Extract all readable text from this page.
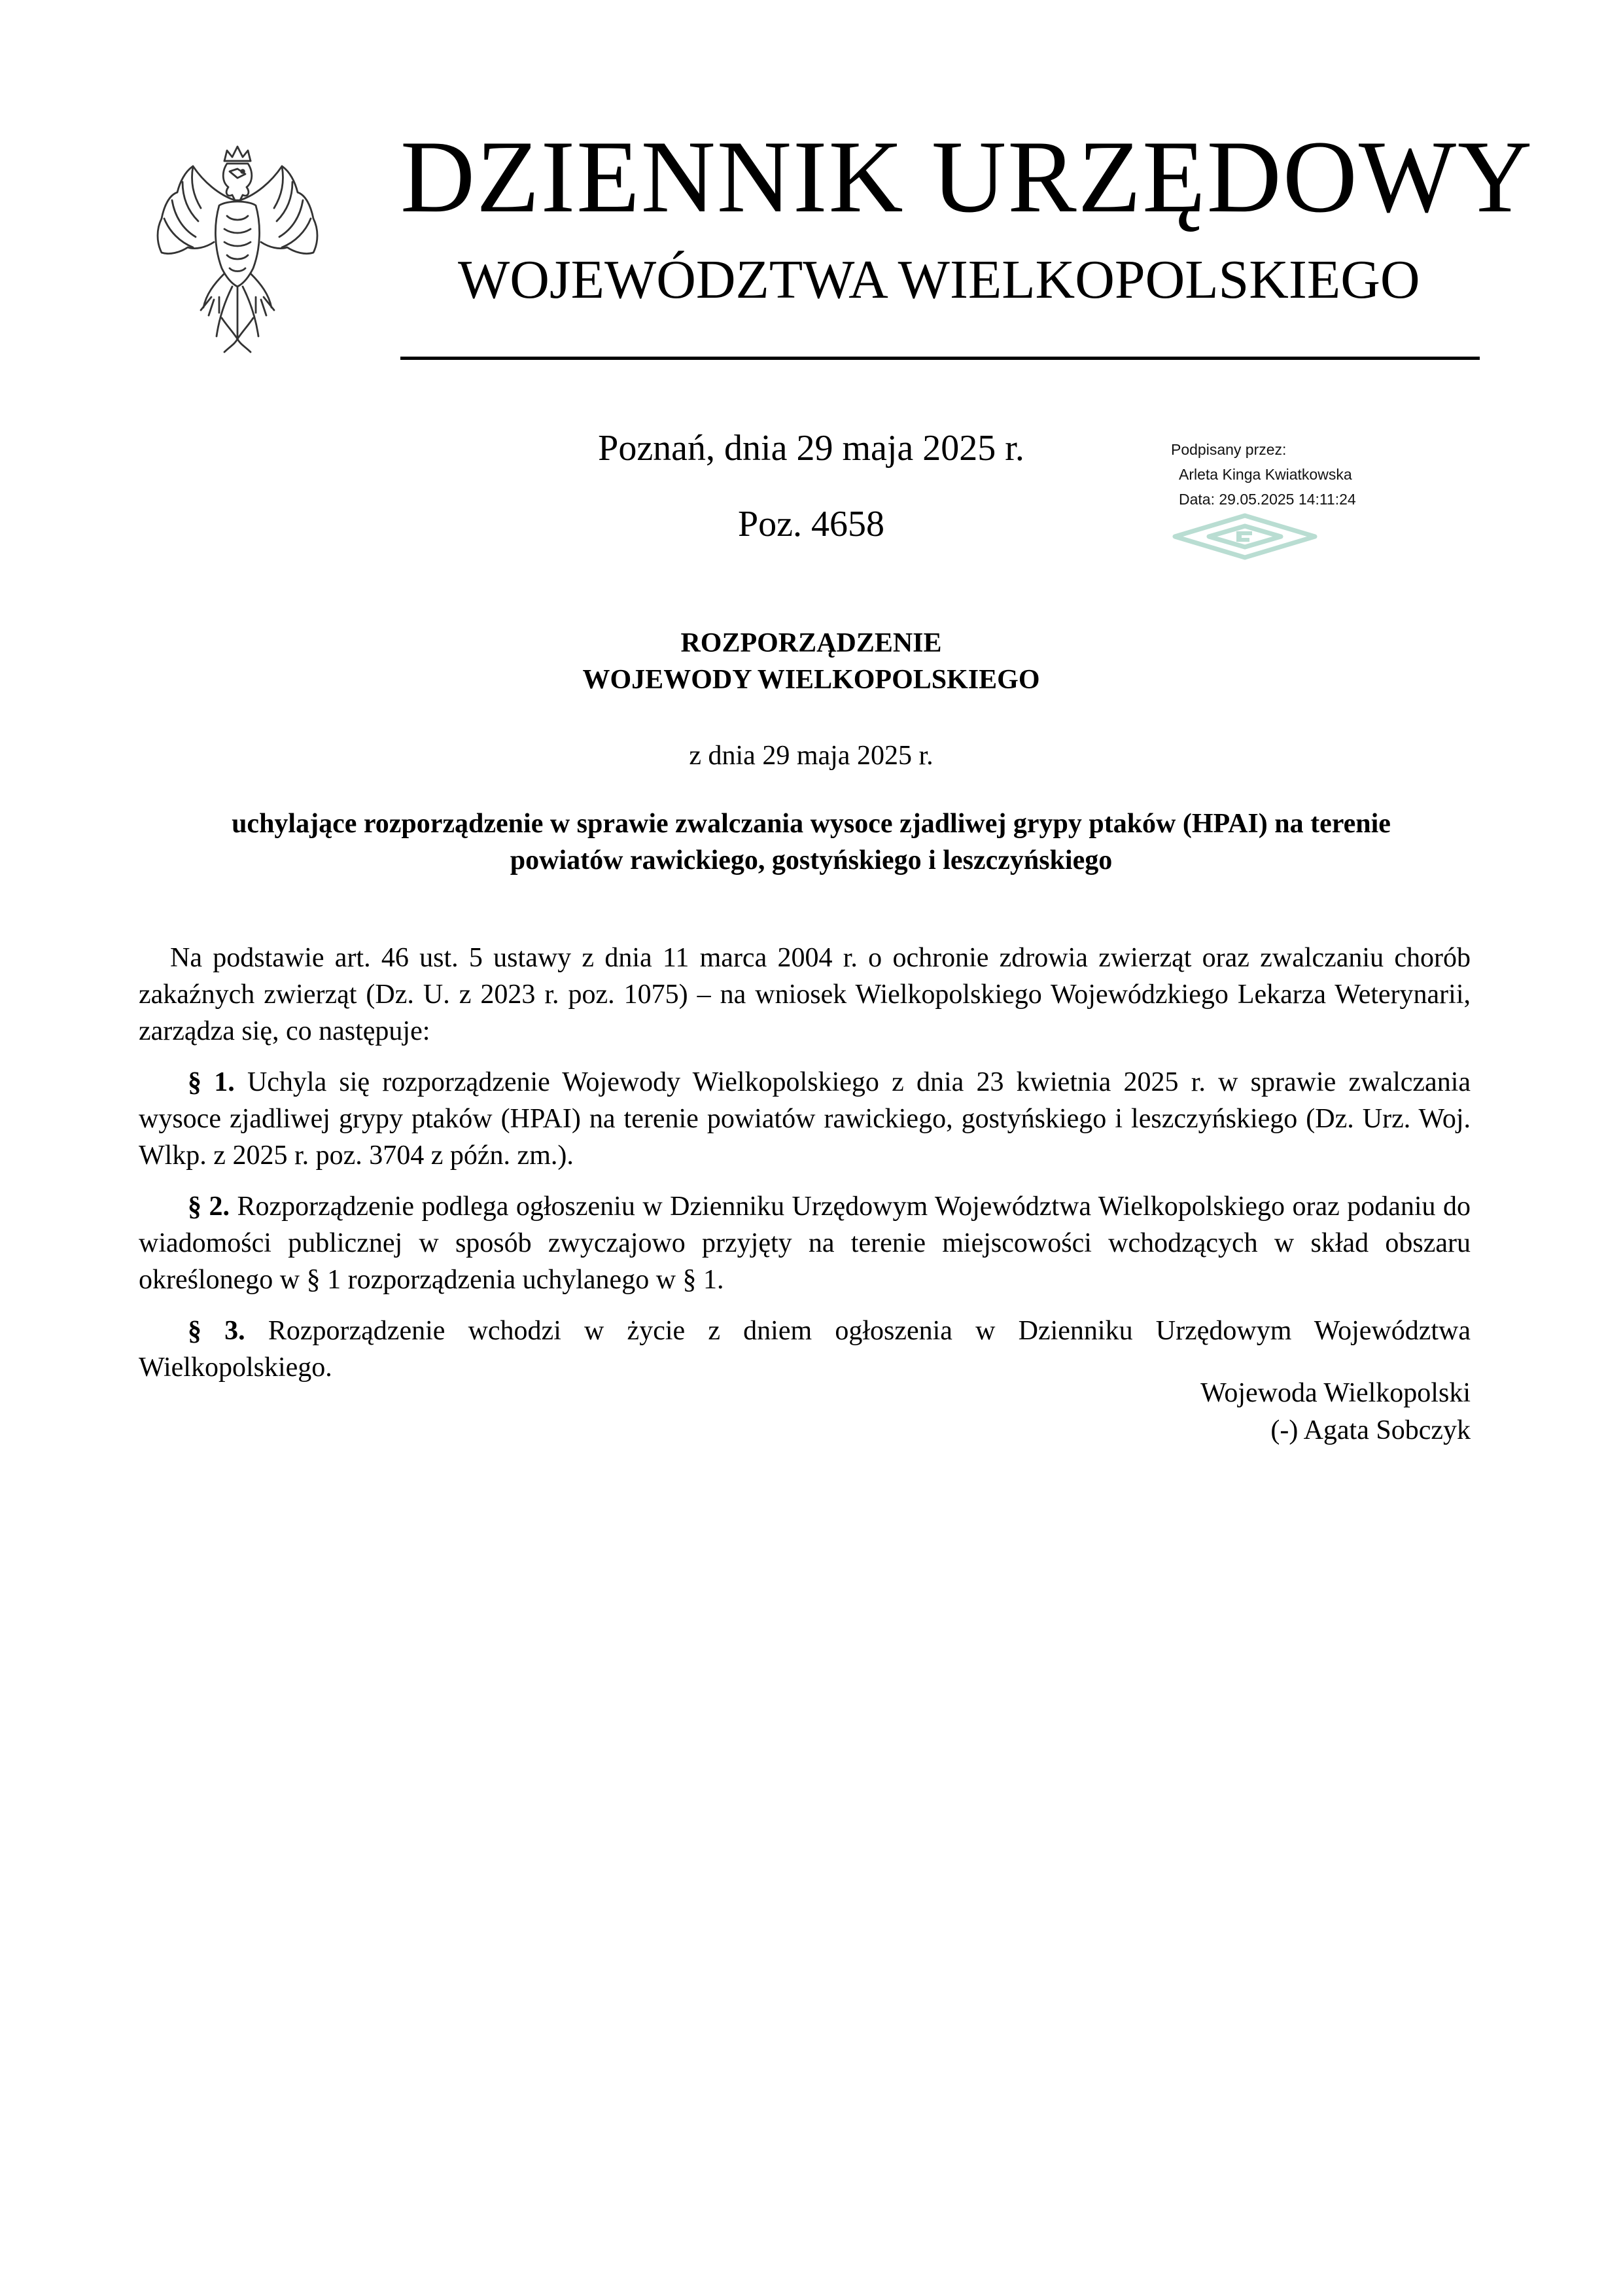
DZIENNIK URZĘDOWY
WOJEWÓDZTWA WIELKOPOLSKIEGO
Poznań, dnia 29 maja 2025 r.
Poz. 4658
Podpisany przez:
Arleta Kinga Kwiatkowska
Data: 29.05.2025 14:11:24
ROZPORZĄDZENIE
WOJEWODY WIELKOPOLSKIEGO
z dnia 29 maja 2025 r.
uchylające rozporządzenie w sprawie zwalczania wysoce zjadliwej grypy ptaków (HPAI) na terenie
powiatów rawickiego, gostyńskiego i leszczyńskiego

Na podstawie art. 46 ust. 5 ustawy z dnia 11 marca 2004 r. o ochronie zdrowia zwierząt oraz zwalczaniu chorób zakaźnych zwierząt (Dz. U. z 2023 r. poz. 1075) – na wniosek Wielkopolskiego Wojewódzkiego Lekarza Weterynarii, zarządza się, co następuje:

§ 1. Uchyla się rozporządzenie Wojewody Wielkopolskiego z dnia 23 kwietnia 2025 r. w sprawie zwalczania wysoce zjadliwej grypy ptaków (HPAI) na terenie powiatów rawickiego, gostyńskiego i leszczyńskiego (Dz. Urz. Woj. Wlkp. z 2025 r. poz. 3704 z późn. zm.).

§ 2. Rozporządzenie podlega ogłoszeniu w Dzienniku Urzędowym Województwa Wielkopolskiego oraz podaniu do wiadomości publicznej w sposób zwyczajowo przyjęty na terenie miejscowości wchodzących w skład obszaru określonego w § 1 rozporządzenia uchylanego w § 1.

§ 3. Rozporządzenie wchodzi w życie z dniem ogłoszenia w Dzienniku Urzędowym Województwa Wielkopolskiego.

Wojewoda Wielkopolski
(-) Agata Sobczyk
